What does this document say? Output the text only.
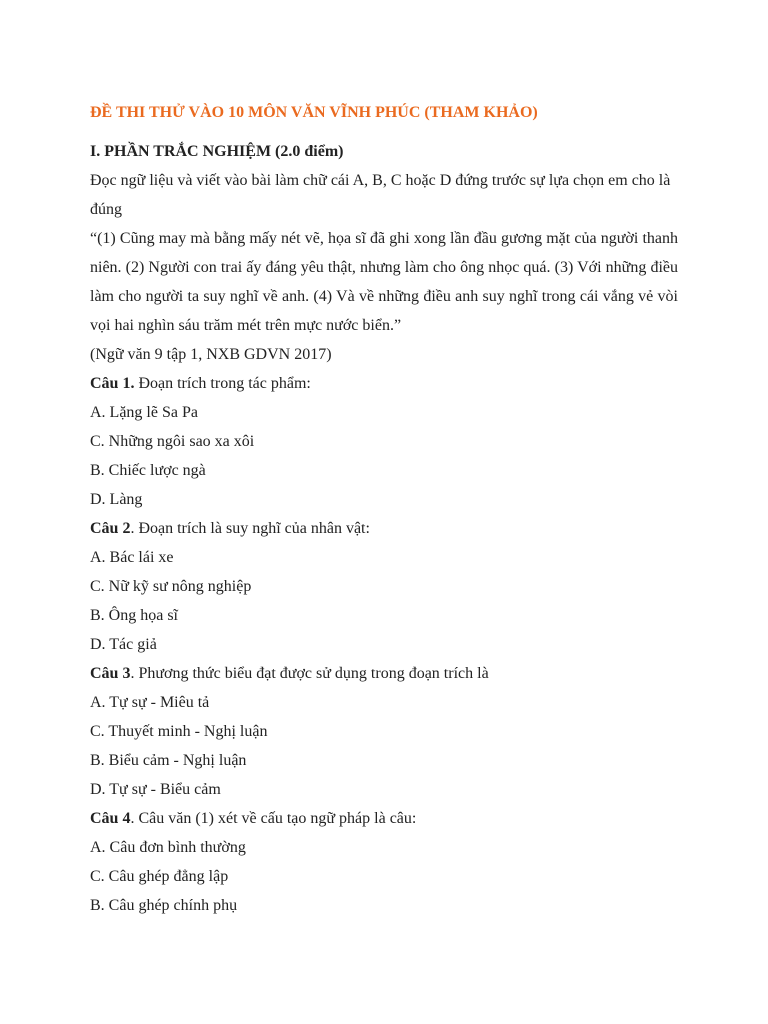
ĐỀ THI THỬ VÀO 10 MÔN VĂN VĨNH PHÚC (THAM KHẢO)

I. PHẦN TRẮC NGHIỆM (2.0 điểm)

Đọc ngữ liệu và viết vào bài làm chữ cái A, B, C hoặc D đứng trước sự lựa chọn em cho là đúng

“(1) Cũng may mà bằng mấy nét vẽ, họa sĩ đã ghi xong lần đầu gương mặt của người thanh niên. (2) Người con trai ấy đáng yêu thật, nhưng làm cho ông nhọc quá. (3) Với những điều làm cho người ta suy nghĩ về anh. (4) Và về những điều anh suy nghĩ trong cái vắng vẻ vòi vọi hai nghìn sáu trăm mét trên mực nước biển.”

(Ngữ văn 9 tập 1, NXB GDVN 2017)

Câu 1. Đoạn trích trong tác phẩm:

A. Lặng lẽ Sa Pa

C. Những ngôi sao xa xôi

B. Chiếc lược ngà

D. Làng

Câu 2. Đoạn trích là suy nghĩ của nhân vật:

A. Bác lái xe

C. Nữ kỹ sư nông nghiệp

B. Ông họa sĩ

D. Tác giả

Câu 3. Phương thức biểu đạt được sử dụng trong đoạn trích là

A. Tự sự - Miêu tả

C. Thuyết minh - Nghị luận

B. Biểu cảm - Nghị luận

D. Tự sự - Biểu cảm

Câu 4. Câu văn (1) xét về cấu tạo ngữ pháp là câu:

A. Câu đơn bình thường

C. Câu ghép đẳng lập

B. Câu ghép chính phụ
